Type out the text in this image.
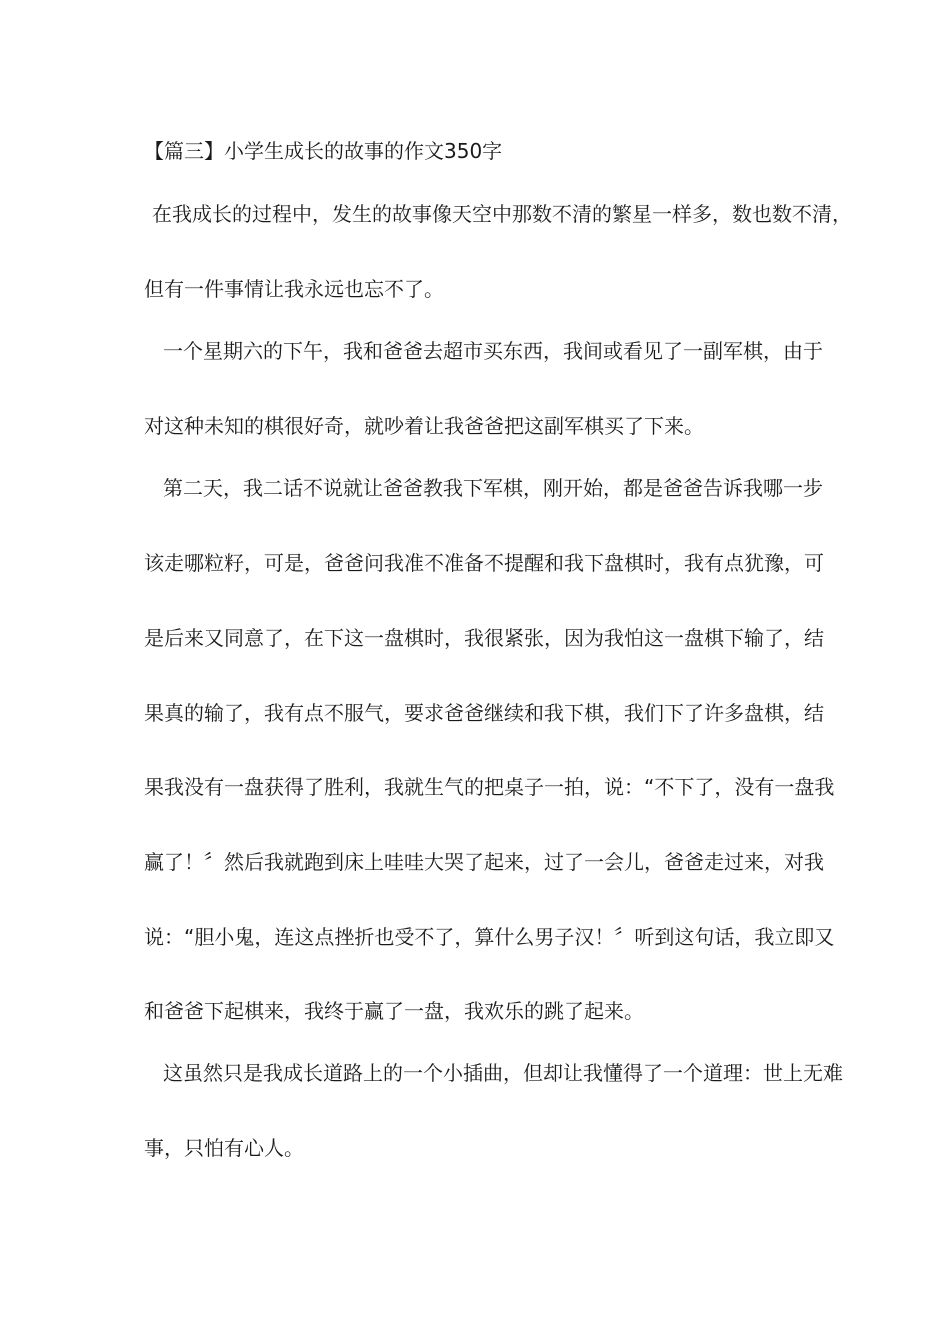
【篇三】小学生成长的故事的作文350字

在我成长的过程中，发生的故事像天空中那数不清的繁星一样多，数也数不清，

但有一件事情让我永远也忘不了。

一个星期六的下午，我和爸爸去超市买东西，我间或看见了一副军棋，由于

对这种未知的棋很好奇，就吵着让我爸爸把这副军棋买了下来。

第二天，我二话不说就让爸爸教我下军棋，刚开始，都是爸爸告诉我哪一步

该走哪粒籽，可是，爸爸问我准不准备不提醒和我下盘棋时，我有点犹豫，可

是后来又同意了，在下这一盘棋时，我很紧张，因为我怕这一盘棋下输了，结

果真的输了，我有点不服气，要求爸爸继续和我下棋，我们下了许多盘棋，结

果我没有一盘获得了胜利，我就生气的把桌子一拍，说：“不下了，没有一盘我

赢了！〞然后我就跑到床上哇哇大哭了起来，过了一会儿，爸爸走过来，对我

说：“胆小鬼，连这点挫折也受不了，算什么男子汉！〞听到这句话，我立即又

和爸爸下起棋来，我终于赢了一盘，我欢乐的跳了起来。

这虽然只是我成长道路上的一个小插曲，但却让我懂得了一个道理：世上无难

事，只怕有心人。
